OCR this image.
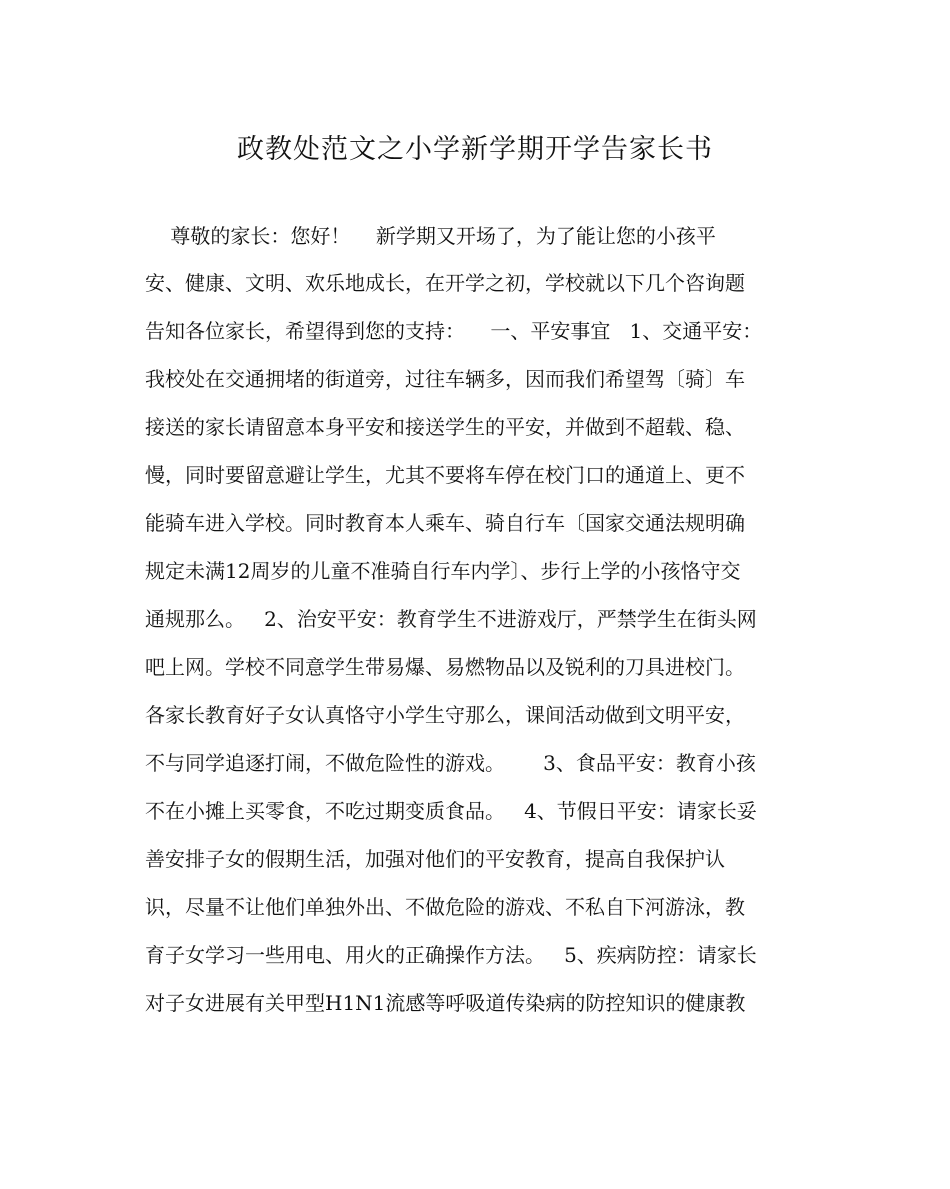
政教处范文之小学新学期开学告家长书
尊敬的家长：您好！    新学期又开场了，为了能让您的小孩平
安、健康、文明、欢乐地成长，在开学之初，学校就以下几个咨询题
告知各位家长，希望得到您的支持：    一、平安事宜   1、交通平安：
我校处在交通拥堵的街道旁，过往车辆多，因而我们希望驾〔骑〕车
接送的家长请留意本身平安和接送学生的平安，并做到不超载、稳、
慢，同时要留意避让学生，尤其不要将车停在校门口的通道上、更不
能骑车进入学校。同时教育本人乘车、骑自行车〔国家交通法规明确
规定未满12周岁的儿童不准骑自行车内学〕、步行上学的小孩恪守交
通规那么。   2、治安平安：教育学生不进游戏厅，严禁学生在街头网
吧上网。学校不同意学生带易爆、易燃物品以及锐利的刀具进校门。
各家长教育好子女认真恪守小学生守那么，课间活动做到文明平安，
不与同学追逐打闹，不做危险性的游戏。      3、食品平安：教育小孩
不在小摊上买零食，不吃过期变质食品。   4、节假日平安：请家长妥
善安排子女的假期生活，加强对他们的平安教育，提高自我保护认
识，尽量不让他们单独外出、不做危险的游戏、不私自下河游泳，教
育子女学习一些用电、用火的正确操作方法。   5、疾病防控：请家长
对子女进展有关甲型H1N1流感等呼吸道传染病的防控知识的健康教
